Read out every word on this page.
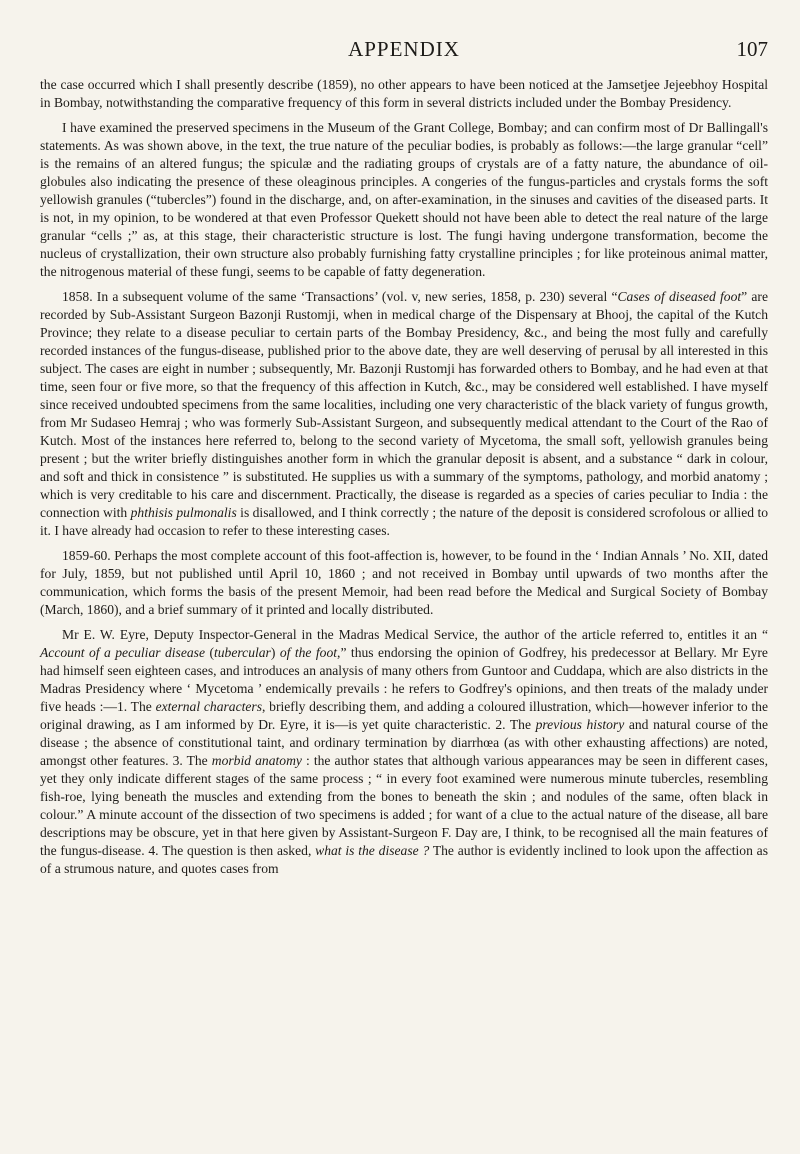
APPENDIX	107

the case occurred which I shall presently describe (1859), no other appears to have been noticed at the Jamsetjee Jejeebhoy Hospital in Bombay, notwithstanding the comparative frequency of this form in several districts included under the Bombay Presidency.

I have examined the preserved specimens in the Museum of the Grant College, Bombay; and can confirm most of Dr Ballingall's statements. As was shown above, in the text, the true nature of the peculiar bodies, is probably as follows:—the large granular “cell” is the remains of an altered fungus; the spiculæ and the radiating groups of crystals are of a fatty nature, the abundance of oil-globules also indicating the presence of these oleaginous principles. A congeries of the fungus-particles and crystals forms the soft yellowish granules (“tubercles”) found in the discharge, and, on after-examination, in the sinuses and cavities of the diseased parts. It is not, in my opinion, to be wondered at that even Professor Quekett should not have been able to detect the real nature of the large granular “cells ;” as, at this stage, their characteristic structure is lost. The fungi having undergone transformation, become the nucleus of crystallization, their own structure also probably furnishing fatty crystalline principles ; for like proteinous animal matter, the nitrogenous material of these fungi, seems to be capable of fatty degeneration.

1858. In a subsequent volume of the same ‘Transactions’ (vol. v, new series, 1858, p. 230) several “Cases of diseased foot” are recorded by Sub-Assistant Surgeon Bazonji Rustomji, when in medical charge of the Dispensary at Bhooj, the capital of the Kutch Province; they relate to a disease peculiar to certain parts of the Bombay Presidency, &c., and being the most fully and carefully recorded instances of the fungus-disease, published prior to the above date, they are well deserving of perusal by all interested in this subject. The cases are eight in number ; subsequently, Mr. Bazonji Rustomji has forwarded others to Bombay, and he had even at that time, seen four or five more, so that the frequency of this affection in Kutch, &c., may be considered well established. I have myself since received undoubted specimens from the same localities, including one very characteristic of the black variety of fungus growth, from Mr Sudaseo Hemraj ; who was formerly Sub-Assistant Surgeon, and subsequently medical attendant to the Court of the Rao of Kutch. Most of the instances here referred to, belong to the second variety of Mycetoma, the small soft, yellowish granules being present ; but the writer briefly distinguishes another form in which the granular deposit is absent, and a substance “ dark in colour, and soft and thick in consistence ” is substituted. He supplies us with a summary of the symptoms, pathology, and morbid anatomy ; which is very creditable to his care and discernment. Practically, the disease is regarded as a species of caries peculiar to India : the connection with phthisis pulmonalis is disallowed, and I think correctly ; the nature of the deposit is considered scrofolous or allied to it. I have already had occasion to refer to these interesting cases.

1859-60. Perhaps the most complete account of this foot-affection is, however, to be found in the ‘ Indian Annals ’ No. XII, dated for July, 1859, but not published until April 10, 1860 ; and not received in Bombay until upwards of two months after the communication, which forms the basis of the present Memoir, had been read before the Medical and Surgical Society of Bombay (March, 1860), and a brief summary of it printed and locally distributed.

Mr E. W. Eyre, Deputy Inspector-General in the Madras Medical Service, the author of the article referred to, entitles it an “ Account of a peculiar disease (tubercular) of the foot,” thus endorsing the opinion of Godfrey, his predecessor at Bellary. Mr Eyre had himself seen eighteen cases, and introduces an analysis of many others from Guntoor and Cuddapa, which are also districts in the Madras Presidency where ‘ Mycetoma ’ endemically prevails : he refers to Godfrey's opinions, and then treats of the malady under five heads :—1. The external characters, briefly describing them, and adding a coloured illustration, which—however inferior to the original drawing, as I am informed by Dr. Eyre, it is—is yet quite characteristic. 2. The previous history and natural course of the disease ; the absence of constitutional taint, and ordinary termination by diarrhœa (as with other exhausting affections) are noted, amongst other features. 3. The morbid anatomy : the author states that although various appearances may be seen in different cases, yet they only indicate different stages of the same process ; “ in every foot examined were numerous minute tubercles, resembling fish-roe, lying beneath the muscles and extending from the bones to beneath the skin ; and nodules of the same, often black in colour.” A minute account of the dissection of two specimens is added ; for want of a clue to the actual nature of the disease, all bare descriptions may be obscure, yet in that here given by Assistant-Surgeon F. Day are, I think, to be recognised all the main features of the fungus-disease. 4. The question is then asked, what is the disease ? The author is evidently inclined to look upon the affection as of a strumous nature, and quotes cases from
